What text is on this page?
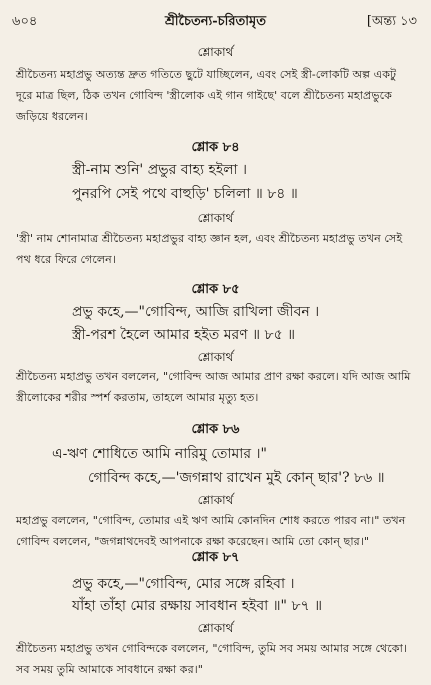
৬০৪	শ্রীচৈতন্য-চরিতামৃত	[অন্ত্য ১৩
শ্লোকার্থ
শ্রীচৈতন্য মহাপ্রভু অত্যন্ত দ্রুত গতিতে ছুটে যাচ্ছিলেন, এবং সেই স্ত্রী-লোকটি অল্প একটু দূরে মাত্র ছিল, ঠিক তখন গোবিন্দ 'স্ত্রীলোক এই গান গাইছে' বলে শ্রীচৈতন্য মহাপ্রভুকে জড়িয়ে ধরলেন।
শ্লোক ৮৪
স্ত্রী-নাম শুনি' প্রভুর বাহ্য হইলা ।
পুনরপি সেই পথে বাহুড়ি' চলিলা ॥ ৮৪ ॥
শ্লোকার্থ
'স্ত্রী' নাম শোনামাত্র শ্রীচৈতন্য মহাপ্রভুর বাহ্য জ্ঞান হল, এবং শ্রীচৈতন্য মহাপ্রভু তখন সেই পথ ধরে ফিরে গেলেন।
শ্লোক ৮৫
প্রভু কহে,—"গোবিন্দ, আজি রাখিলা জীবন ।
স্ত্রী-পরশ হৈলে আমার হইত মরণ ॥ ৮৫ ॥
শ্লোকার্থ
শ্রীচৈতন্য মহাপ্রভু তখন বললেন, "গোবিন্দ আজ আমার প্রাণ রক্ষা করলে। যদি আজ আমি স্ত্রীলোকের শরীর স্পর্শ করতাম, তাহলে আমার মৃত্যু হত।
শ্লোক ৮৬
এ-ঋণ শোধিতে আমি নারিমু তোমার ।"
গোবিন্দ কহে,—'জগন্নাথ রাখেন মুই কোন্ ছার'? ৮৬ ॥
শ্লোকার্থ
মহাপ্রভু বললেন, "গোবিন্দ, তোমার এই ঋণ আমি কোনদিন শোধ করতে পারব না।" তখন গোবিন্দ বললেন, "জগন্নাথদেবই আপনাকে রক্ষা করেছেন। আমি তো কোন্ ছার।"
শ্লোক ৮৭
প্রভু কহে,—"গোবিন্দ, মোর সঙ্গে রহিবা ।
যাঁহা তাঁহা মোর রক্ষায় সাবধান হইবা ॥" ৮৭ ॥
শ্লোকার্থ
শ্রীচৈতন্য মহাপ্রভু তখন গোবিন্দকে বললেন, "গোবিন্দ, তুমি সব সময় আমার সঙ্গে থেকো। সব সময় তুমি আমাকে সাবধানে রক্ষা কর।"
